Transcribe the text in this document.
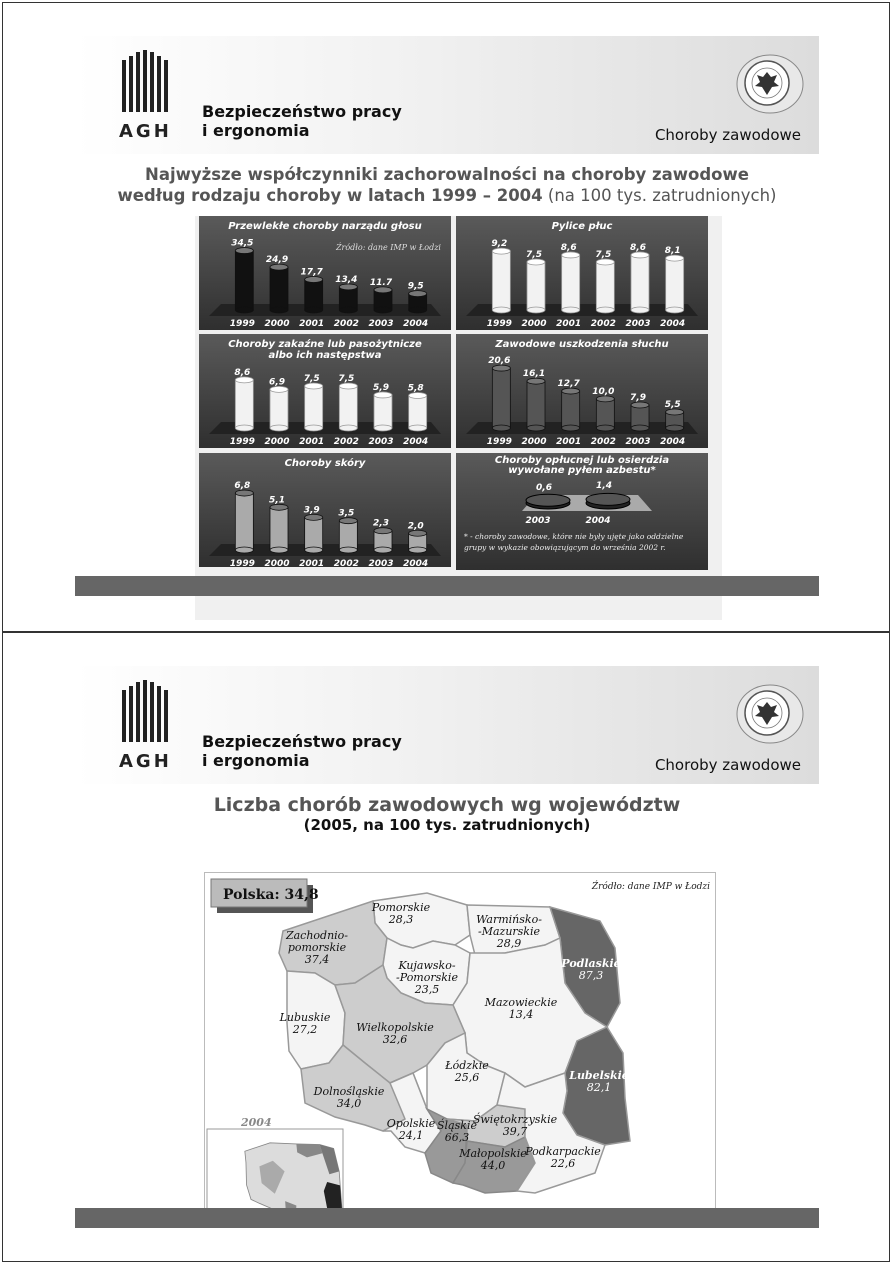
AGH
Bezpieczeństwo pracy
i ergonomia	Choroby zawodowe
Najwyższe współczynniki zachorowalności na choroby zawodowe
według rodzaju choroby w latach 1999 – 2004 (na 100 tys. zatrudnionych)
Przewlekłe choroby narządu głosu
Źródło: dane IMP w Łodzi
34,5
1999
24,9
2000
17,7
2001
13,4
2002
11.7
2003
9,5
2004
Pylice płuc
9,2
1999
7,5
2000
8,6
2001
7,5
2002
8,6
2003
8,1
2004
Choroby zakaźne lub pasożytnicze
albo ich następstwa
8,6
1999
6,9
2000
7,5
2001
7,5
2002
5,9
2003
5,8
2004
Zawodowe uszkodzenia słuchu
20,6
1999
16,1
2000
12,7
2001
10,0
2002
7,9
2003
5,5
2004
Choroby skóry
6,8
1999
5,1
2000
3,9
2001
3,5
2002
2,3
2003
2,0
2004
Choroby opłucnej lub osierdzia
wywołane pyłem azbestu*
0,6
2003
1,4
2004
* - choroby zawodowe, które nie były ujęte jako oddzielne
grupy w wykazie obowiązującym do września 2002 r.
AGH
Bezpieczeństwo pracy
i ergonomia	Choroby zawodowe
Liczba chorób zawodowych wg województw
(2005, na 100 tys. zatrudnionych)
2004
Polska: 34,8	Źródło: dane IMP w Łodzi
Pomorskie
28,3	Warmińsko-
-Mazurskie
28,9
Zachodnio-
pomorskie
37,4	Kujawsko-
-Pomorskie
23,5
Podlaskie
87,3
Mazowieckie
13,4
Lubuskie
27,2	Wielkopolskie
32,6
Łódzkie
25,6	Lubelskie
82,1
Dolnośląskie
34,0
Opolskie
24,1
Śląskie
66,3
Świętokrzyskie
39,7
Małopolskie
44,0
Podkarpackie
22,6
